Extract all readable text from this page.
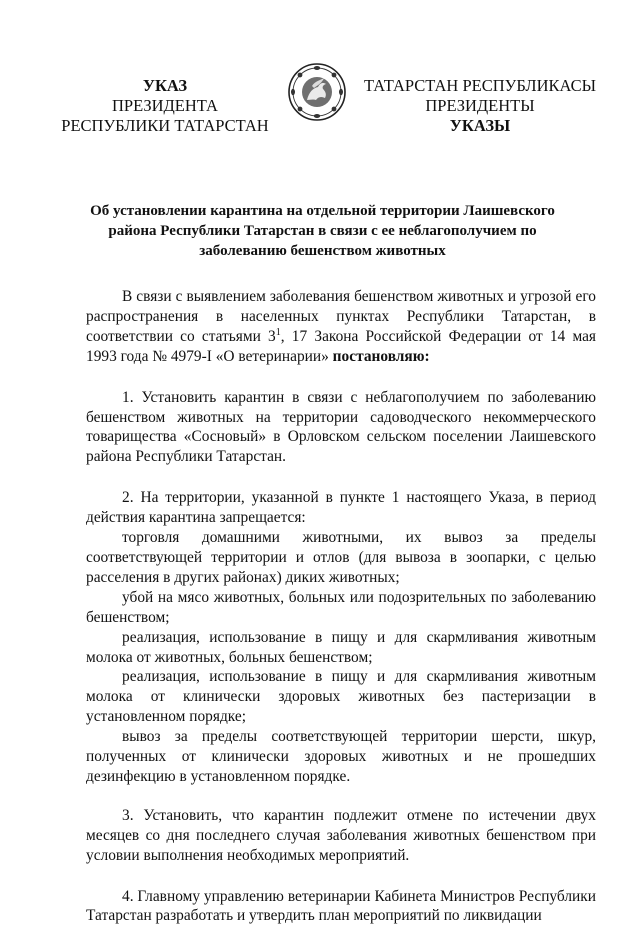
УКАЗ
ПРЕЗИДЕНТА
РЕСПУБЛИКИ ТАТАРСТАН
ТАТАРСТАН РЕСПУБЛИКАСЫ
ПРЕЗИДЕНТЫ
УКАЗЫ
Об установлении карантина на отдельной территории Лаишевского
района Республики Татарстан в связи с ее неблагополучием по
заболеванию бешенством животных

В связи с выявлением заболевания бешенством животных и угрозой его распространения в населенных пунктах Республики Татарстан, в соответствии со статьями $3^1$, 17 Закона Российской Федерации от 14 мая 1993 года № 4979-I «О ветеринарии» постановляю:

1. Установить карантин в связи с неблагополучием по заболеванию бешенством животных на территории садоводческого некоммерческого товарищества «Сосновый» в Орловском сельском поселении Лаишевского района Республики Татарстан.

2. На территории, указанной в пункте 1 настоящего Указа, в период действия карантина запрещается:

торговля домашними животными, их вывоз за пределы соответствующей территории и отлов (для вывоза в зоопарки, с целью расселения в других районах) диких животных;

убой на мясо животных, больных или подозрительных по заболеванию бешенством;

реализация, использование в пищу и для скармливания животным молока от животных, больных бешенством;

реализация, использование в пищу и для скармливания животным молока от клинически здоровых животных без пастеризации в установленном порядке;

вывоз за пределы соответствующей территории шерсти, шкур, полученных от клинически здоровых животных и не прошедших дезинфекцию в установленном порядке.

3. Установить, что карантин подлежит отмене по истечении двух месяцев со дня последнего случая заболевания животных бешенством при условии выполнения необходимых мероприятий.

4. Главному управлению ветеринарии Кабинета Министров Республики Татарстан разработать и утвердить план мероприятий по ликвидации
